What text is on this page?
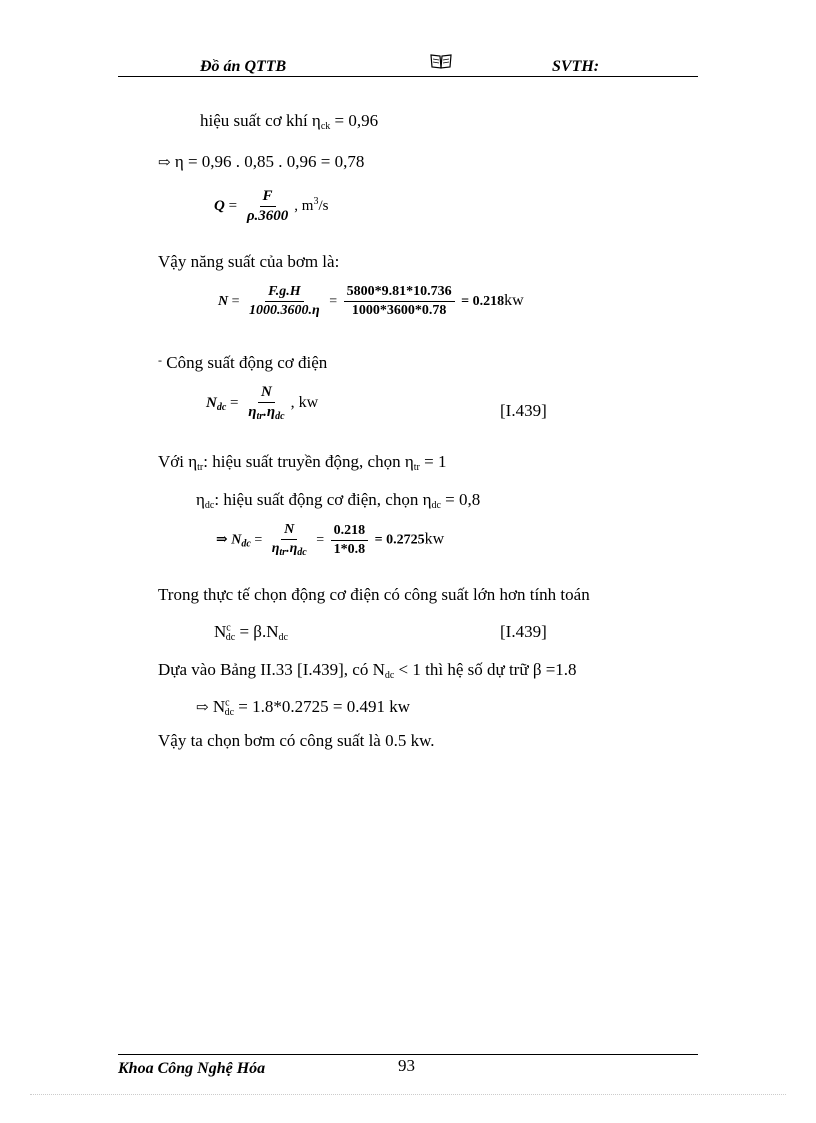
Đồ án QTTB	SVTH:
hiệu suất cơ khí $\eta_{ck} = 0,96$
⇨ η = 0,96 . 0,85 . 0,96 = 0,78
$Q = \frac{F}{\rho.3600}$ , $m^3/s$
Vậy năng suất của bơm là:
$N = \frac{F.g.H}{1000.3600.\eta} = \frac{5800*9.81*10.736}{1000*3600*0.78} = 0.218kw$
- Công suất động cơ điện
$N_{dc} = \frac{N}{\eta_{tr}.\eta_{dc}}$ , kw	[I.439]
Với $\eta_{tr}$: hiệu suất truyền động, chọn $\eta_{tr} = 1$
$\eta_{dc}$: hiệu suất động cơ điện, chọn $\eta_{dc} = 0,8$
⇒ $N_{dc} = \frac{N}{\eta_{tr}.\eta_{dc}} = \frac{0.218}{1*0.8} = 0.2725kw$
Trong thực tế chọn động cơ điện có công suất lớn hơn tính toán
$N^c_{dc} = \beta.N_{dc}$	[I.439]
Dựa vào Bảng II.33 [I.439], có $N_{dc} < 1$ thì hệ số dự trữ β =1.8
⇨ $N^c_{dc} = 1.8*0.2725 = 0.491$ kw
Vậy ta chọn bơm có công suất là 0.5 kw.
Khoa Công Nghệ Hóa	93
